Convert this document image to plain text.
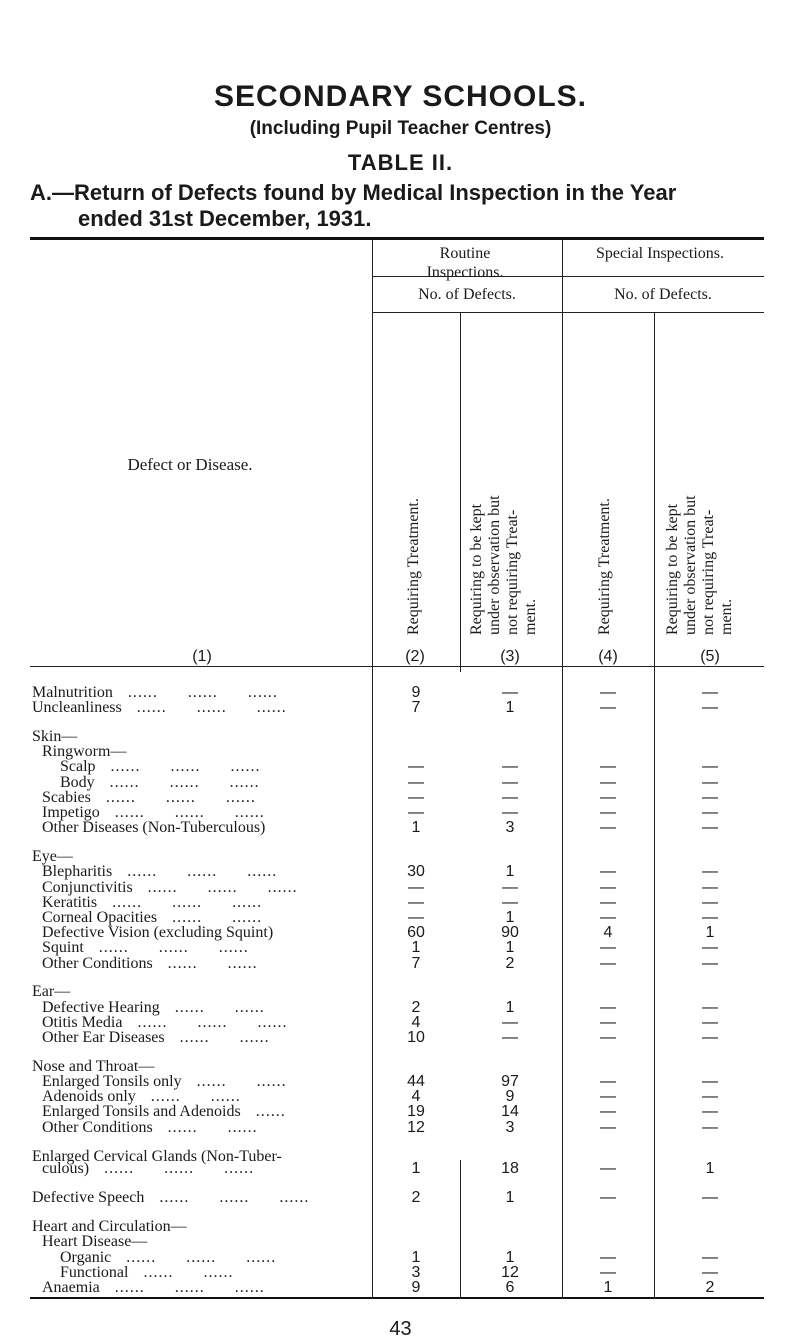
SECONDARY SCHOOLS.
(Including Pupil Teacher Centres)
TABLE II.
A.—Return of Defects found by Medical Inspection in the Year
ended 31st December, 1931.
Routine Inspections.
Special Inspections.
No. of Defects.	No. of Defects.
Defect or Disease.
Requiring Treatment.	Requiring to be kept under observation but not requiring Treat- ment.	Requiring Treatment.	Requiring to be kept under observation but not requiring Treat- ment.
(1)	(2)	(3)	(4)	(5)
Malnutrition   ......      ......      ......	9	—	—	—
Uncleanliness   ......      ......      ......	7	1	—	—
Skin—
Ringworm—
Scalp   ......      ......      ......	—	—	—	—
Body   ......      ......      ......	—	—	—	—
Scabies   ......      ......      ......	—	—	—	—
Impetigo   ......      ......      ......	—	—	—	—
Other Diseases (Non-Tuberculous)	1	3	—	—
Eye—
Blepharitis   ......      ......      ......	30	1	—	—
Conjunctivitis   ......      ......      ......	—	—	—	—
Keratitis   ......      ......      ......	—	—	—	—
Corneal Opacities   ......      ......	—	1	—	—
Defective Vision (excluding Squint)	60	90	4	1
Squint   ......      ......      ......	1	1	—	—
Other Conditions   ......      ......	7	2	—	—
Ear—
Defective Hearing   ......      ......	2	1	—	—
Otitis Media   ......      ......      ......	4	—	—	—
Other Ear Diseases   ......      ......	10	—	—	—
Nose and Throat—
Enlarged Tonsils only   ......      ......	44	97	—	—
Adenoids only   ......      ......	4	9	—	—
Enlarged Tonsils and Adenoids   ......	19	14	—	—
Other Conditions   ......      ......	12	3	—	—
Enlarged Cervical Glands (Non-Tuber-
culous)   ......      ......      ......	1	18	—	1
Defective Speech   ......      ......      ......	2	1	—	—
Heart and Circulation—
Heart Disease—
Organic   ......      ......      ......	1	1	—	—
Functional   ......      ......	3	12	—	—
Anaemia   ......      ......      ......	9	6	1	2
43
